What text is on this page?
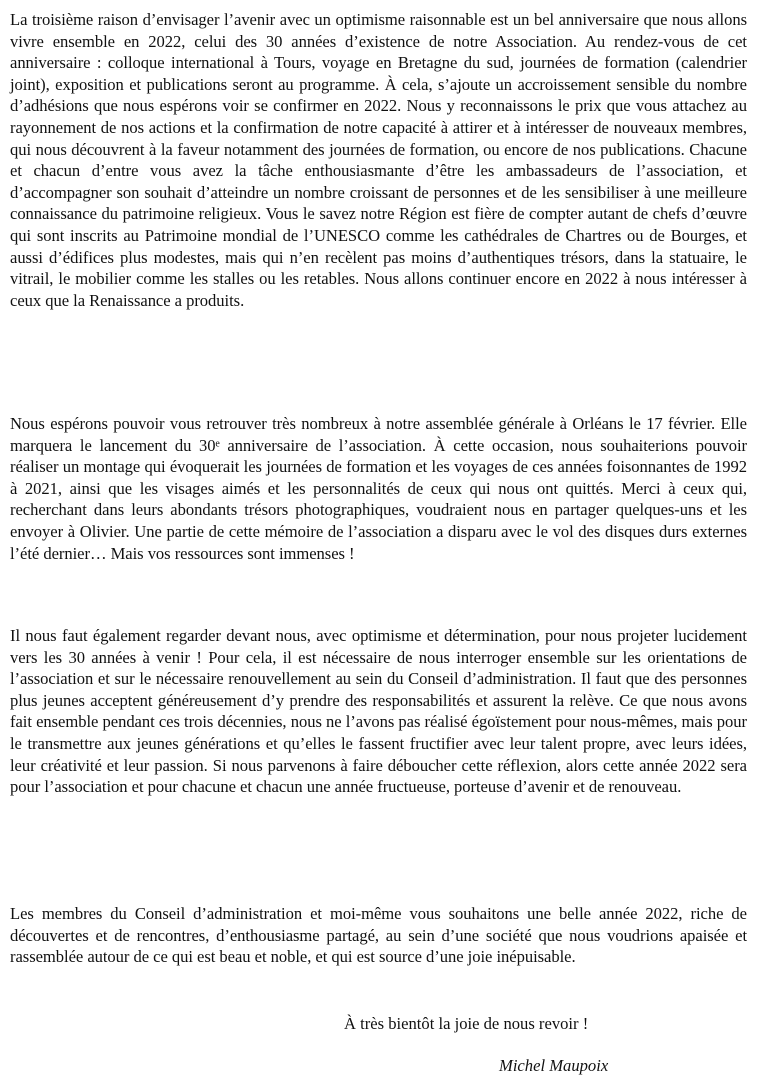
La troisième raison d’envisager l’avenir avec un optimisme raisonnable est un bel anniversaire que nous allons vivre ensemble en 2022, celui des 30 années d’existence de notre Association. Au rendez-vous de cet anniversaire : colloque international à Tours, voyage en Bretagne du sud, journées de formation (calendrier joint), exposition et publications seront au programme. À cela, s’ajoute un accroissement sensible du nombre d’adhésions que nous espérons voir se confirmer en 2022. Nous y reconnaissons le prix que vous attachez au rayonnement de nos actions et la confirmation de notre capacité à attirer et à intéresser de nouveaux membres, qui nous découvrent à la faveur notamment des journées de formation, ou encore de nos publications. Chacune et chacun d’entre vous avez la tâche enthousiasmante d’être les ambassadeurs de l’association, et d’accompagner son souhait d’atteindre un nombre croissant de personnes et de les sensibiliser à une meilleure connaissance du patrimoine religieux. Vous le savez notre Région est fière de compter autant de chefs d’œuvre qui sont inscrits au Patrimoine mondial de l’UNESCO comme les cathédrales de Chartres ou de Bourges, et aussi d’édifices plus modestes, mais qui n’en recèlent pas moins d’authentiques trésors, dans la statuaire, le vitrail, le mobilier comme les stalles ou les retables. Nous allons continuer encore en 2022 à nous intéresser à ceux que la Renaissance a produits.

Nous espérons pouvoir vous retrouver très nombreux à notre assemblée générale à Orléans le 17 février. Elle marquera le lancement du 30ᵉ anniversaire de l’association. À cette occasion, nous souhaiterions pouvoir réaliser un montage qui évoquerait les journées de formation et les voyages de ces années foisonnantes de 1992 à 2021, ainsi que les visages aimés et les personnalités de ceux qui nous ont quittés. Merci à ceux qui, recherchant dans leurs abondants trésors photographiques, voudraient nous en partager quelques-uns et les envoyer à Olivier. Une partie de cette mémoire de l’association a disparu avec le vol des disques durs externes l’été dernier… Mais vos ressources sont immenses !

Il nous faut également regarder devant nous, avec optimisme et détermination, pour nous projeter lucidement vers les 30 années à venir ! Pour cela, il est nécessaire de nous interroger ensemble sur les orientations de l’association et sur le nécessaire renouvellement au sein du Conseil d’administration. Il faut que des personnes plus jeunes acceptent généreusement d’y prendre des responsabilités et assurent la relève. Ce que nous avons fait ensemble pendant ces trois décennies, nous ne l’avons pas réalisé égoïstement pour nous-mêmes, mais pour le transmettre aux jeunes générations et qu’elles le fassent fructifier avec leur talent propre, avec leurs idées, leur créativité et leur passion. Si nous parvenons à faire déboucher cette réflexion, alors cette année 2022 sera pour l’association et pour chacune et chacun une année fructueuse, porteuse d’avenir et de renouveau.

Les membres du Conseil d’administration et moi-même vous souhaitons une belle année 2022, riche de découvertes et de rencontres, d’enthousiasme partagé, au sein d’une société que nous voudrions apaisée et rassemblée autour de ce qui est beau et noble, et qui est source d’une joie inépuisable.

À très bientôt la joie de nous revoir !

Michel Maupoix
